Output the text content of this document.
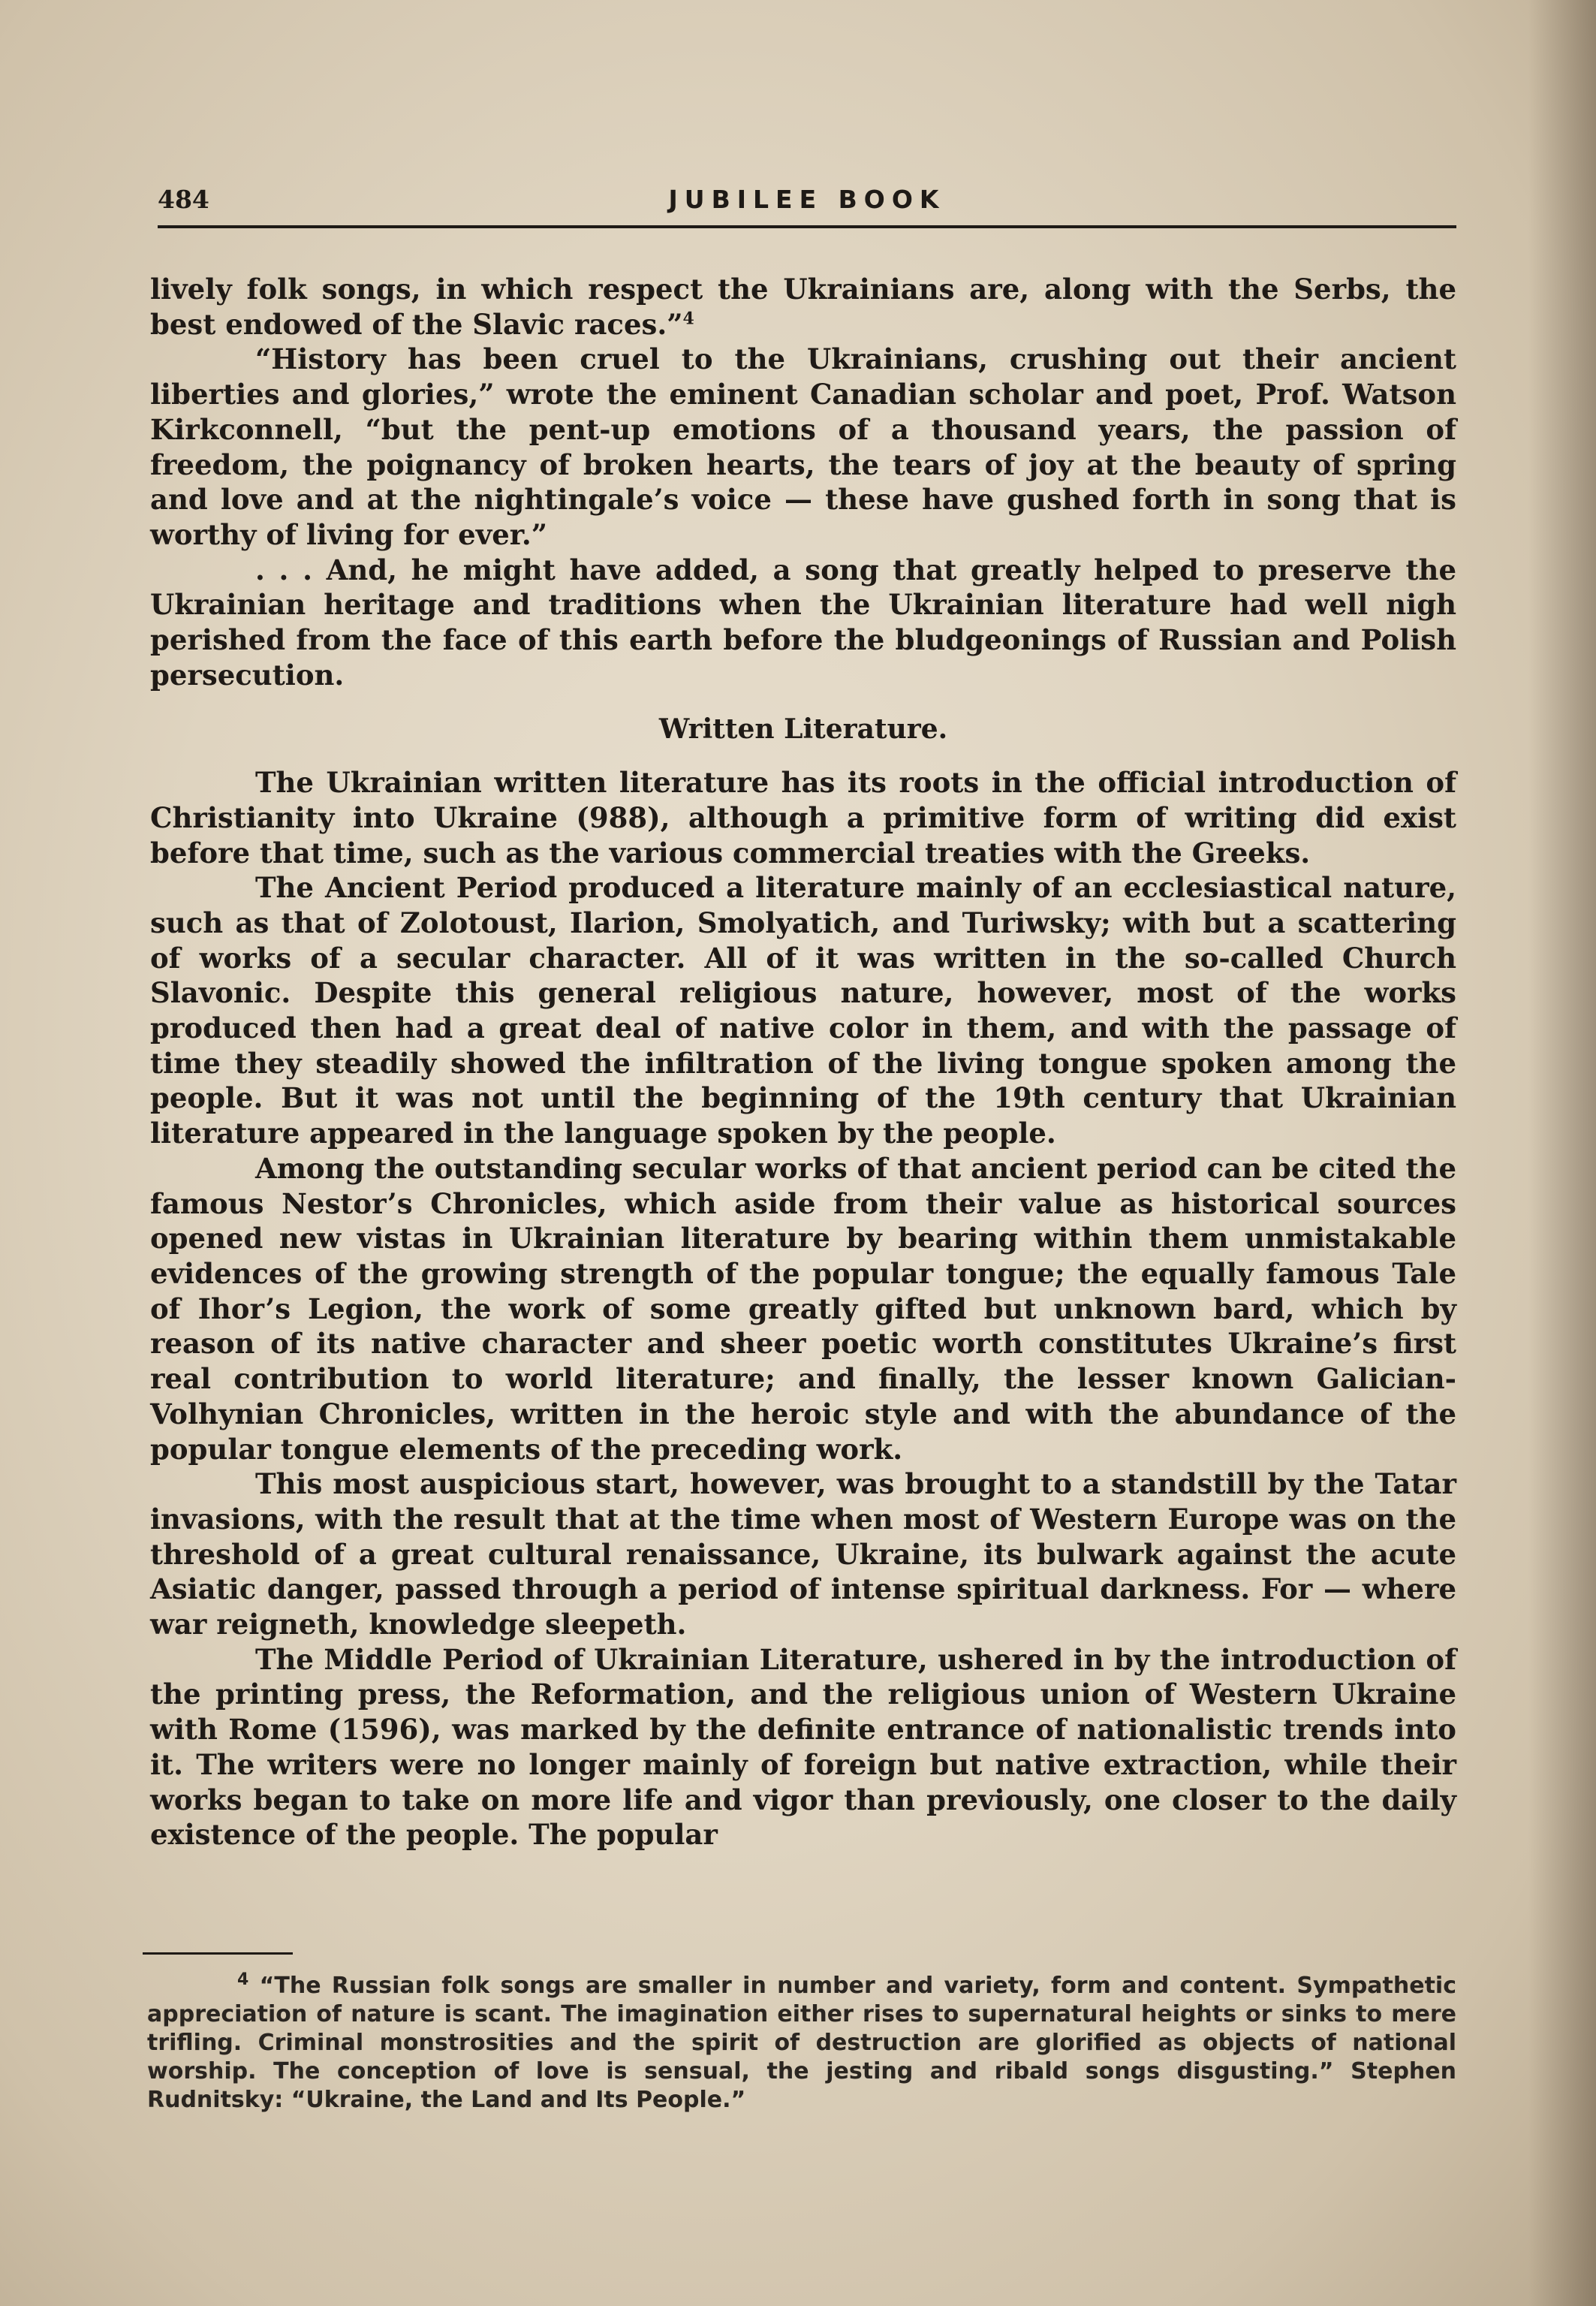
484	JUBILEE BOOK

lively folk songs, in which respect the Ukrainians are, along with the Serbs, the best endowed of the Slavic races.”$^4$

“History has been cruel to the Ukrainians, crushing out their ancient liberties and glories,” wrote the eminent Canadian scholar and poet, Prof. Watson Kirkconnell, “but the pent-up emotions of a thousand years, the passion of freedom, the poignancy of broken hearts, the tears of joy at the beauty of spring and love and at the nightingale’s voice — these have gushed forth in song that is worthy of living for ever.”

. . . And, he might have added, a song that greatly helped to preserve the Ukrainian heritage and traditions when the Ukrainian literature had well nigh perished from the face of this earth before the bludgeonings of Russian and Polish persecution.

Written Literature.

The Ukrainian written literature has its roots in the official introduction of Christianity into Ukraine (988), although a primitive form of writing did exist before that time, such as the various commercial treaties with the Greeks.

The Ancient Period produced a literature mainly of an ecclesiastical nature, such as that of Zolotoust, Ilarion, Smolyatich, and Turiwsky; with but a scattering of works of a secular character. All of it was written in the so-called Church Slavonic. Despite this general religious nature, however, most of the works produced then had a great deal of native color in them, and with the passage of time they steadily showed the infiltration of the living tongue spoken among the people. But it was not until the beginning of the 19th century that Ukrainian literature appeared in the language spoken by the people.

Among the outstanding secular works of that ancient period can be cited the famous Nestor’s Chronicles, which aside from their value as historical sources opened new vistas in Ukrainian literature by bearing within them unmistakable evidences of the growing strength of the popular tongue; the equally famous Tale of Ihor’s Legion, the work of some greatly gifted but unknown bard, which by reason of its native character and sheer poetic worth constitutes Ukraine’s first real contribution to world literature; and finally, the lesser known Galician-Volhynian Chronicles, written in the heroic style and with the abundance of the popular tongue elements of the preceding work.

This most auspicious start, however, was brought to a standstill by the Tatar invasions, with the result that at the time when most of Western Europe was on the threshold of a great cultural renaissance, Ukraine, its bulwark against the acute Asiatic danger, passed through a period of intense spiritual darkness. For — where war reigneth, knowledge sleepeth.

The Middle Period of Ukrainian Literature, ushered in by the introduction of the printing press, the Reformation, and the religious union of Western Ukraine with Rome (1596), was marked by the definite entrance of nationalistic trends into it. The writers were no longer mainly of foreign but native extraction, while their works began to take on more life and vigor than previously, one closer to the daily existence of the people. The popular

$^4$ “The Russian folk songs are smaller in number and variety, form and content. Sympathetic appreciation of nature is scant. The imagination either rises to supernatural heights or sinks to mere trifling. Criminal monstrosities and the spirit of destruction are glorified as objects of national worship. The conception of love is sensual, the jesting and ribald songs disgusting.” Stephen Rudnitsky: “Ukraine, the Land and Its People.”
